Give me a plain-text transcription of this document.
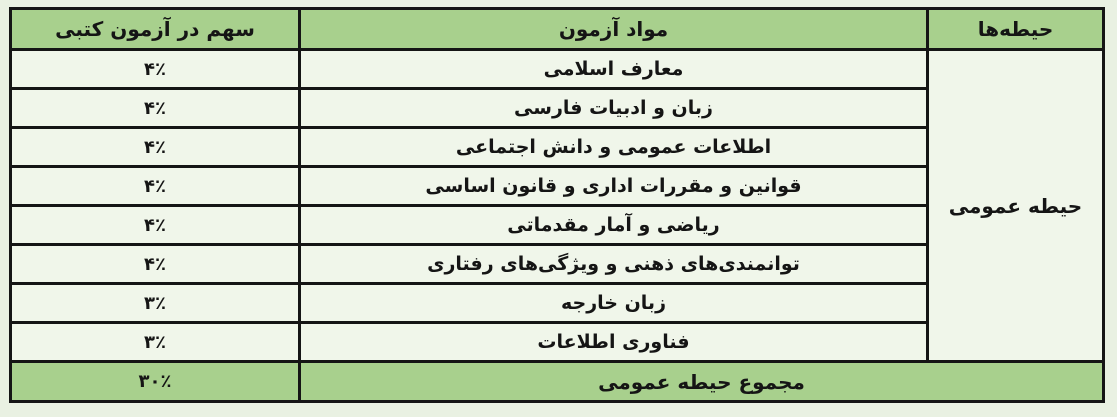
حیطه‌ها	مواد آزمون	سهم در آزمون کتبی
حیطه عمومی	معارف اسلامی	۴٪
	زبان و ادبیات فارسی	۴٪
	اطلاعات عمومی و دانش اجتماعی	۴٪
	قوانین و مقررات اداری و قانون اساسی	۴٪
	ریاضی و آمار مقدماتی	۴٪
	توانمندی‌های ذهنی و ویژگی‌های رفتاری	۴٪
	زبان خارجه	۳٪
	فناوری اطلاعات	۳٪
مجموع حیطه عمومی		۳۰٪
